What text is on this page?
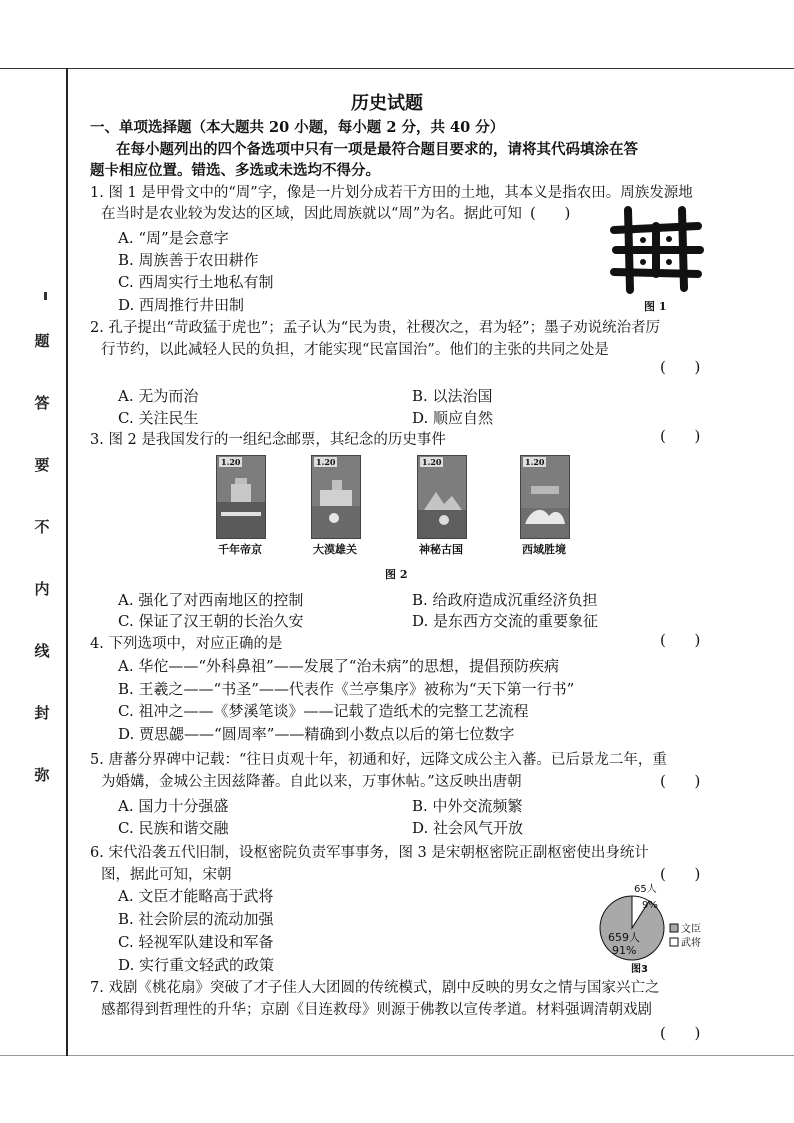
题
答
要
不
内
线
封
弥
历史试题
一、单项选择题（本大题共 20 小题，每小题 2 分，共 40 分）
在每小题列出的四个备选项中只有一项是最符合题目要求的，请将其代码填涂在答
题卡相应位置。错选、多选或未选均不得分。
1. 图 1 是甲骨文中的“周”字，像是一片划分成若干方田的土地，其本义是指农田。周族发源地
在当时是农业较为发达的区域，因此周族就以“周”为名。据此可知 (      )
A. “周”是会意字
B. 周族善于农田耕作
C. 西周实行土地私有制
D. 西周推行井田制	图 1
2. 孔子提出“苛政猛于虎也”；孟子认为“民为贵，社稷次之，君为轻”；墨子劝说统治者厉
行节约，以此减轻人民的负担，才能实现“民富国治”。他们的主张的共同之处是
(      )
A. 无为而治	B. 以法治国
C. 关注民生	D. 顺应自然
3. 图 2 是我国发行的一组纪念邮票，其纪念的历史事件	(      )
1.20	1.20	1.20	1.20
千年帝京	大漠雄关	神秘古国	西域胜境
图 2
A. 强化了对西南地区的控制	B. 给政府造成沉重经济负担
C. 保证了汉王朝的长治久安	D. 是东西方交流的重要象征
4. 下列选项中，对应正确的是	(      )
A. 华佗——“外科鼻祖”——发展了“治未病”的思想，提倡预防疾病
B. 王羲之——“书圣”——代表作《兰亭集序》被称为“天下第一行书”
C. 祖冲之——《梦溪笔谈》——记载了造纸术的完整工艺流程
D. 贾思勰——“圆周率”——精确到小数点以后的第七位数字
5. 唐蕃分界碑中记载：“往日贞观十年，初通和好，远降文成公主入蕃。已后景龙二年，重
为婚媾，金城公主因兹降蕃。自此以来，万事休帖。”这反映出唐朝	(      )
A. 国力十分强盛	B. 中外交流频繁
C. 民族和谐交融	D. 社会风气开放
6. 宋代沿袭五代旧制，设枢密院负责军事事务，图 3 是宋朝枢密院正副枢密使出身统计
图，据此可知，宋朝	(      )
A. 文臣才能略高于武将
B. 社会阶层的流动加强
C. 轻视军队建设和军备
D. 实行重文轻武的政策
65人
9%
659人
91%
文臣
武将
图3
7. 戏剧《桃花扇》突破了才子佳人大团圆的传统模式，剧中反映的男女之情与国家兴亡之
感都得到哲理性的升华；京剧《目连救母》则源于佛教以宣传孝道。材料强调清朝戏剧
(      )
